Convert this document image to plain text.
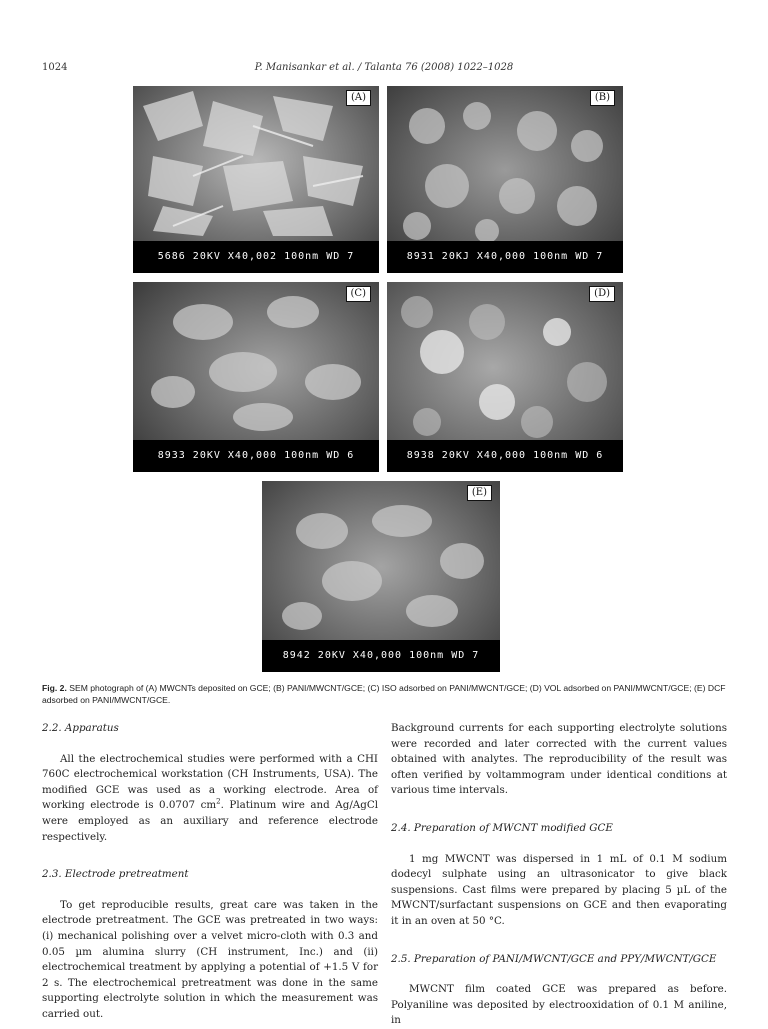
1024	P. Manisankar et al. / Talanta 76 (2008) 1022–1028
(A)
5686 20KV X40,002 100nm WD 7
(B)
8931 20KJ X40,000 100nm WD 7
(C)
8933 20KV X40,000 100nm WD 6
(D)
8938 20KV X40,000 100nm WD 6
(E)
8942 20KV X40,000 100nm WD 7
Fig. 2. SEM photograph of (A) MWCNTs deposited on GCE; (B) PANI/MWCNT/GCE; (C) ISO adsorbed on PANI/MWCNT/GCE; (D) VOL adsorbed on PANI/MWCNT/GCE; (E) DCF adsorbed on PANI/MWCNT/GCE.

2.2. Apparatus

All the electrochemical studies were performed with a CHI 760C electrochemical workstation (CH Instruments, USA). The modified GCE was used as a working electrode. Area of working electrode is 0.0707 $cm^2$. Platinum wire and Ag/AgCl were employed as an auxiliary and reference electrode respectively.

2.3. Electrode pretreatment

To get reproducible results, great care was taken in the electrode pretreatment. The GCE was pretreated in two ways: (i) mechanical polishing over a velvet micro-cloth with 0.3 and 0.05 µm alumina slurry (CH instrument, Inc.) and (ii) electrochemical treatment by applying a potential of +1.5 V for 2 s. The electrochemical pretreatment was done in the same supporting electrolyte solution in which the measurement was carried out.

Background currents for each supporting electrolyte solutions were recorded and later corrected with the current values obtained with analytes. The reproducibility of the result was often verified by voltammogram under identical conditions at various time intervals.

2.4. Preparation of MWCNT modified GCE

1 mg MWCNT was dispersed in 1 mL of 0.1 M sodium dodecyl sulphate using an ultrasonicator to give black suspensions. Cast films were prepared by placing 5 µL of the MWCNT/surfactant suspensions on GCE and then evaporating it in an oven at 50 °C.

2.5. Preparation of PANI/MWCNT/GCE and PPY/MWCNT/GCE

MWCNT film coated GCE was prepared as before. Polyaniline was deposited by electrooxidation of 0.1 M aniline, in
